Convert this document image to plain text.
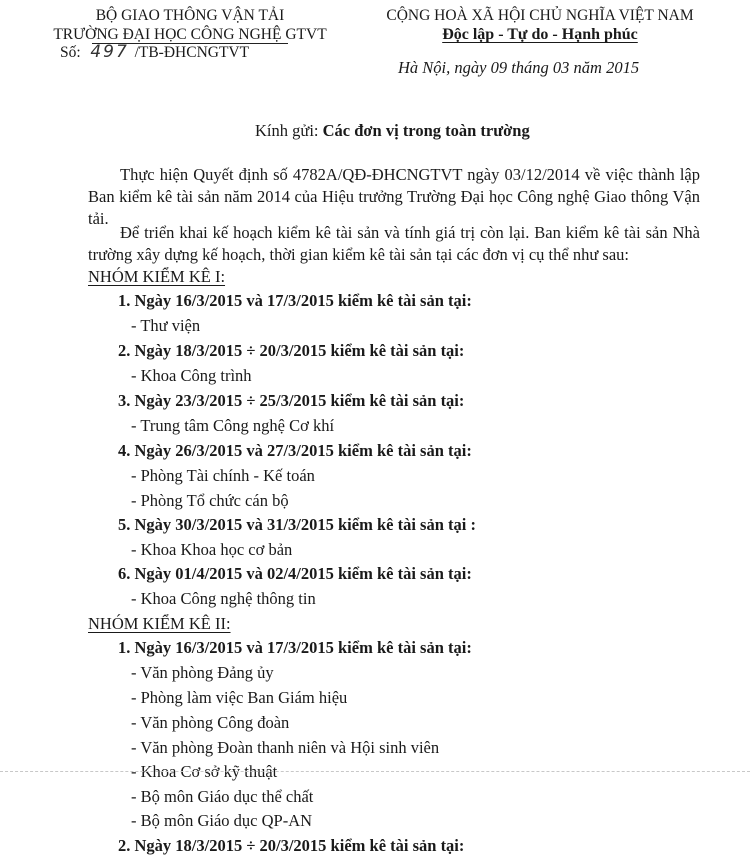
BỘ GIAO THÔNG VẬN TẢI
TRƯỜNG ĐẠI HỌC CÔNG NGHỆ GTVT
Số: 497 /TB-ĐHCNGTVT
CỘNG HOÀ XÃ HỘI CHỦ NGHĨA VIỆT NAM
Độc lập - Tự do - Hạnh phúc
Hà Nội, ngày 09 tháng 03 năm 2015
Kính gửi: Các đơn vị trong toàn trường

Thực hiện Quyết định số 4782A/QĐ-ĐHCNGTVT ngày 03/12/2014 về việc thành lập Ban kiểm kê tài sản năm 2014 của Hiệu trưởng Trường Đại học Công nghệ Giao thông Vận tải.

Để triển khai kế hoạch kiểm kê tài sản và tính giá trị còn lại. Ban kiểm kê tài sản Nhà trường xây dựng kế hoạch, thời gian kiểm kê tài sản tại các đơn vị cụ thể như sau:

NHÓM KIỂM KÊ I:
1. Ngày 16/3/2015 và 17/3/2015 kiểm kê tài sản tại:
- Thư viện
2. Ngày 18/3/2015 ÷ 20/3/2015 kiểm kê tài sản tại:
- Khoa Công trình
3. Ngày 23/3/2015 ÷ 25/3/2015 kiểm kê tài sản tại:
- Trung tâm Công nghệ Cơ khí
4. Ngày 26/3/2015 và 27/3/2015 kiểm kê tài sản tại:
- Phòng Tài chính - Kế toán
- Phòng Tổ chức cán bộ
5. Ngày 30/3/2015 và 31/3/2015 kiểm kê tài sản tại :
- Khoa Khoa học cơ bản
6. Ngày 01/4/2015 và 02/4/2015 kiểm kê tài sản tại:
- Khoa Công nghệ thông tin
NHÓM KIỂM KÊ II:
1. Ngày 16/3/2015 và 17/3/2015 kiểm kê tài sản tại:
- Văn phòng Đảng ủy
- Phòng làm việc Ban Giám hiệu
- Văn phòng Công đoàn
- Văn phòng Đoàn thanh niên và Hội sinh viên
- Khoa Cơ sở kỹ thuật
- Bộ môn Giáo dục thể chất
- Bộ môn Giáo dục QP-AN
2. Ngày 18/3/2015 ÷ 20/3/2015 kiểm kê tài sản tại:
